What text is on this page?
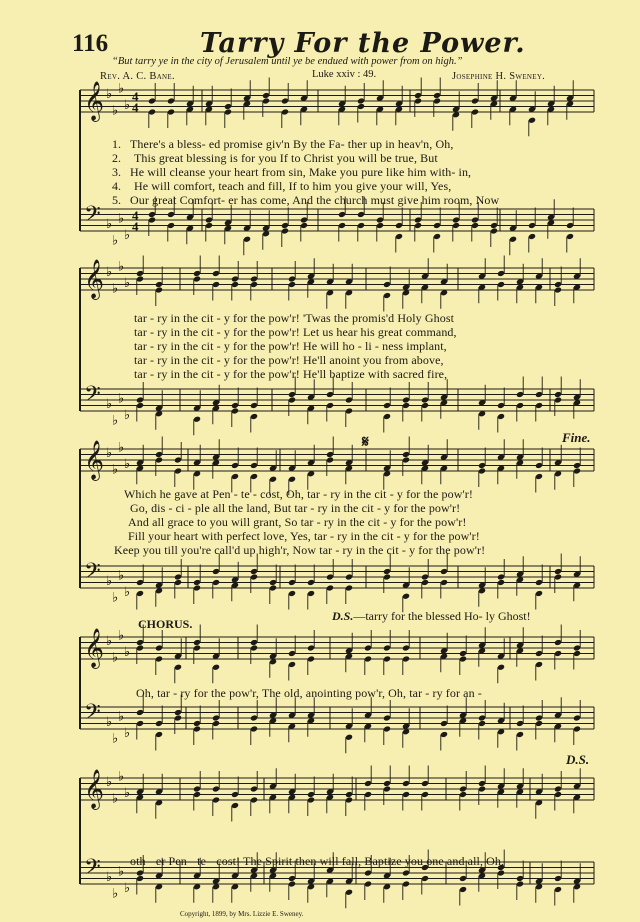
116	Tarry For the Power.
“But tarry ye in the city of Jerusalem until ye be endued with power from on high.”
Luke xxiv : 49.
Rev. A. C. Bane.	Josephine H. Sweney.
𝄞 ♭
♭
♭
♭
4
4
𝄢 ♭
♭
♭
♭
4
4
𝄞 ♭
♭
♭
♭
𝄢 ♭
♭
♭
♭
𝄞 ♭
♭
♭
♭
𝄢 ♭
♭
♭
♭
𝄞 ♭
♭
♭
♭
𝄢 ♭
♭
♭
♭
𝄞 ♭
♭
♭
♭
𝄢 ♭
♭
♭
♭
1.
2.
3.
4.
5.
There's a bless- ed promise giv'n By the Fa- ther up in heav'n, Oh,
This great blessing is for you If to Christ you will be true, But
He will cleanse your heart from sin, Make you pure like him with- in,
He will comfort, teach and fill, If to him you give your will, Yes,
Our great Comfort- er has come, And the church must give him room, Now
tar - ry in the cit - y for the pow'r! 'Twas the promis'd Holy Ghost
tar - ry in the cit - y for the pow'r! Let us hear his great command,
tar - ry in the cit - y for the pow'r! He will ho - li - ness implant,
tar - ry in the cit - y for the pow'r! He'll anoint you from above,
tar - ry in the cit - y for the pow'r! He'll baptize with sacred fire,
Which he gave at Pen - te - cost, Oh, tar - ry in the cit - y for the pow'r!
Go, dis - ci - ple all the land, But tar - ry in the cit - y for the pow'r!
And all grace to you will grant, So tar - ry in the cit - y for the pow'r!
Fill your heart with perfect love, Yes, tar - ry in the cit - y for the pow'r!
Keep you till you're call'd up high'r, Now tar - ry in the cit - y for the pow'r!
𝄋	Fine.
D.S.—tarry for the blessed Ho- ly Ghost!
CHORUS.
Oh, tar - ry for the pow'r, The old, anointing pow'r, Oh, tar - ry for an -
D.S.
oth - er Pen - te - cost! The Spirit then will fall, Baptize you one and all, Oh,
Copyright, 1899, by Mrs. Lizzie E. Sweney.
